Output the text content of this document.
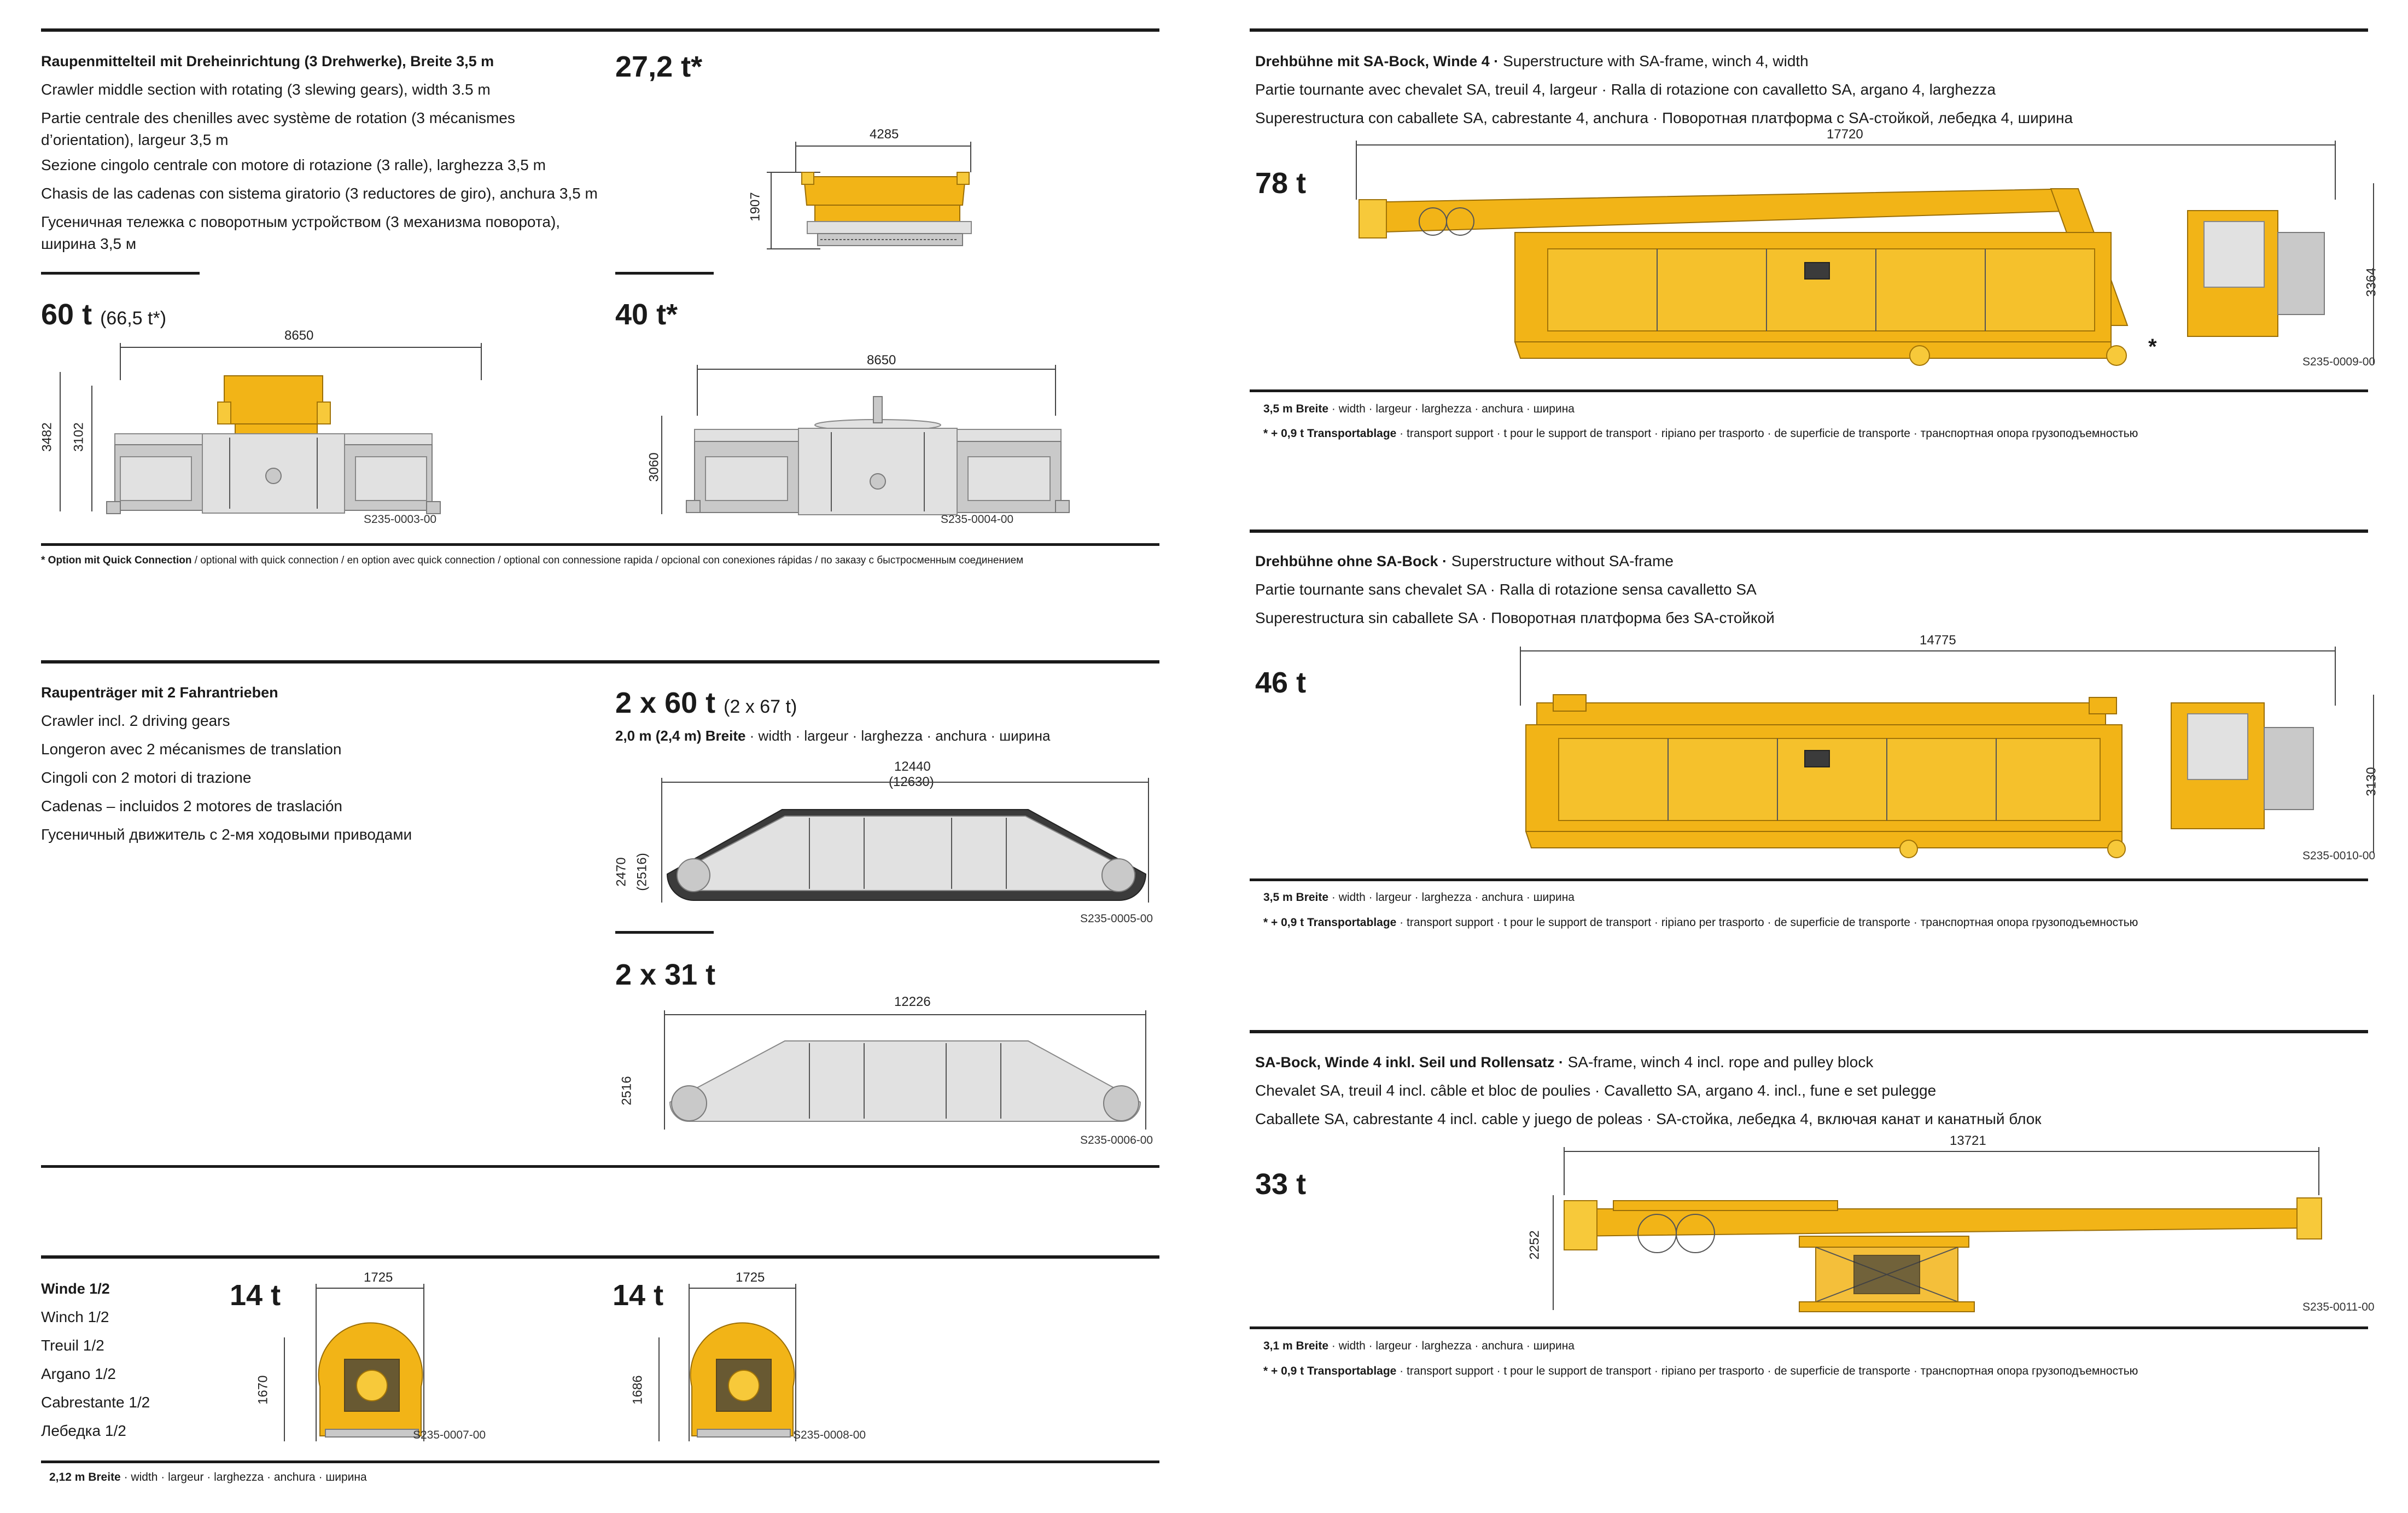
Raupenmittelteil mit Dreheinrichtung (3 Drehwerke), Breite 3,5 m
Crawler middle section with rotating (3 slewing gears), width 3.5 m
Partie centrale des chenilles avec système de rotation (3 mécanismes
d’orientation), largeur 3,5 m
Sezione cingolo centrale con motore di rotazione (3 ralle), larghezza 3,5 m
Chasis de las cadenas con sistema giratorio (3 reductores de giro), anchura 3,5 m
Гусеничная тележка с поворотным устройством (3 механизма поворота),
ширина 3,5 м
27,2 t*
4285
1907
60 t (66,5 t*)	40 t*
8650
3482 3102
S235-0003-00
8650
3060
S235-0004-00
* Option mit Quick Connection / optional with quick connection / en option avec quick connection / optional con connessione rapida / opcional con conexiones rápidas / по заказу с быстросменным соединением
Raupenträger mit 2 Fahrantrieben
Crawler incl. 2 driving gears
Longeron avec 2 mécanismes de translation
Cingoli con 2 motori di trazione
Cadenas – incluidos 2 motores de traslación
Гусеничный движитель с 2-мя ходовыми приводами
2 x 60 t (2 x 67 t)
2,0 m (2,4 m) Breite · width · largeur · larghezza · anchura · ширина
12440
(12630)
2470 (2516)
S235-0005-00
2 x 31 t
12226
2516
S235-0006-00
Winde 1/2
Winch 1/2
Treuil 1/2
Argano 1/2
Cabrestante 1/2
Лебедка 1/2
14 t
1725
1670
S235-0007-00
14 t
1725
1686
S235-0008-00
2,12 m Breite · width · largeur · larghezza · anchura · ширина
Drehbühne mit SA-Bock, Winde 4 · Superstructure with SA-frame, winch 4, width
Partie tournante avec chevalet SA, treuil 4, largeur · Ralla di rotazione con cavalletto SA, argano 4, larghezza
Superestructura con caballete SA, cabrestante 4, anchura · Поворотная платформа с SA-стойкой, лебедка 4, ширина
78 t
17720
3364
*
S235-0009-00
3,5 m Breite · width · largeur · larghezza · anchura · ширина
* + 0,9 t Transportablage · transport support · t pour le support de transport · ripiano per trasporto · de superficie de transporte · транспортная опора грузоподъемностью
Drehbühne ohne SA-Bock · Superstructure without SA-frame
Partie tournante sans chevalet SA · Ralla di rotazione sensa cavalletto SA
Superestructura sin caballete SA · Поворотная платформа без SA-стойкой
46 t
14775
3130
S235-0010-00
3,5 m Breite · width · largeur · larghezza · anchura · ширина
* + 0,9 t Transportablage · transport support · t pour le support de transport · ripiano per trasporto · de superficie de transporte · транспортная опора грузоподъемностью
SA-Bock, Winde 4 inkl. Seil und Rollensatz · SA-frame, winch 4 incl. rope and pulley block
Chevalet SA, treuil 4 incl. câble et bloc de poulies · Cavalletto SA, argano 4. incl., fune e set pulegge
Caballete SA, cabrestante 4 incl. cable y juego de poleas · SA-стойка, лебедка 4, включая канат и канатный блок
33 t
13721
2252
S235-0011-00
3,1 m Breite · width · largeur · larghezza · anchura · ширина
* + 0,9 t Transportablage · transport support · t pour le support de transport · ripiano per trasporto · de superficie de transporte · транспортная опора грузоподъемностью
